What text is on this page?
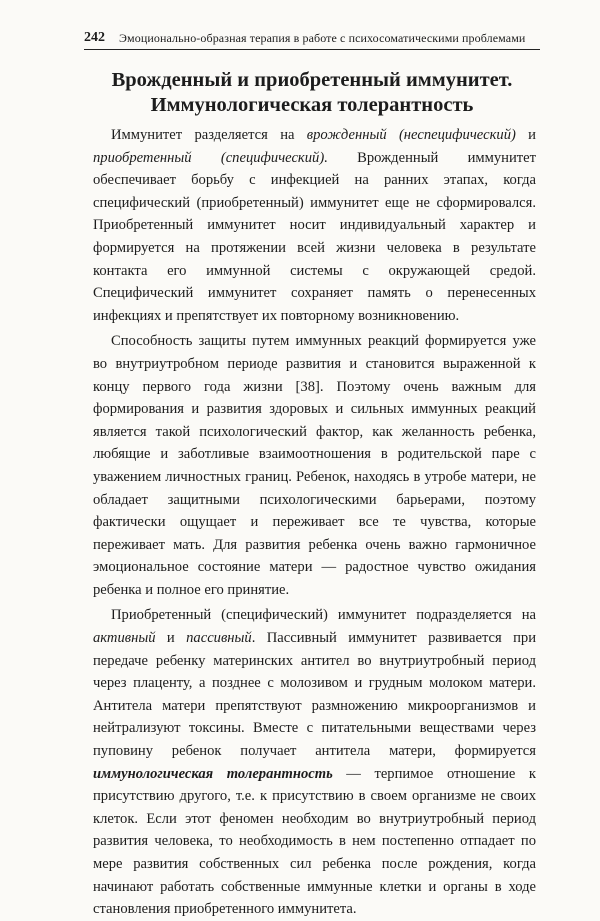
242 Эмоционально-образная терапия в работе с психосоматическими проблемами
Врожденный и приобретенный иммунитет.
Иммунологическая толерантность

Иммунитет разделяется на врожденный (неспецифический) и приобретенный (специфический). Врожденный иммунитет обеспечивает борьбу с инфекцией на ранних этапах, когда специфический (приобретенный) иммунитет еще не сформировался. Приобретенный иммунитет носит индивидуальный характер и формируется на протяжении всей жизни человека в результате контакта его иммунной системы с окружающей средой. Специфический иммунитет сохраняет память о перенесенных инфекциях и препятствует их повторному возникновению.

Способность защиты путем иммунных реакций формируется уже во внутриутробном периоде развития и становится выраженной к концу первого года жизни [38]. Поэтому очень важным для формирования и развития здоровых и сильных иммунных реакций является такой психологический фактор, как желанность ребенка, любящие и заботливые взаимоотношения в родительской паре с уважением личностных границ. Ребенок, находясь в утробе матери, не обладает защитными психологическими барьерами, поэтому фактически ощущает и переживает все те чувства, которые переживает мать. Для развития ребенка очень важно гармоничное эмоциональное состояние матери — радостное чувство ожидания ребенка и полное его принятие.

Приобретенный (специфический) иммунитет подразделяется на активный и пассивный. Пассивный иммунитет развивается при передаче ребенку материнских антител во внутриутробный период через плаценту, а позднее с молозивом и грудным молоком матери. Антитела матери препятствуют размножению микроорганизмов и нейтрализуют токсины. Вместе с питательными веществами через пуповину ребенок получает антитела матери, формируется иммунологическая толерантность — терпимое отношение к присутствию другого, т.е. к присутствию в своем организме не своих клеток. Если этот феномен необходим во внутриутробный период развития человека, то необходимость в нем постепенно отпадает по мере развития собственных сил ребенка после рождения, когда начинают работать собственные иммунные клетки и органы в ходе становления приобретенного иммунитета.
